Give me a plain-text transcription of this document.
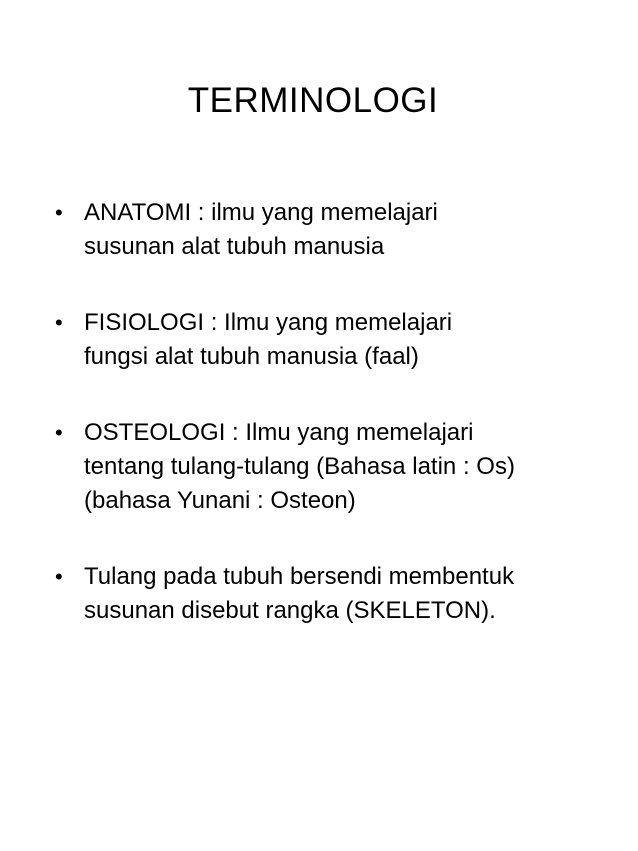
TERMINOLOGI
• ANATOMI : ilmu yang memelajari
susunan alat tubuh manusia
• FISIOLOGI : Ilmu yang memelajari
fungsi alat tubuh manusia (faal)
• OSTEOLOGI : Ilmu yang memelajari
tentang tulang-tulang (Bahasa latin : Os)
(bahasa Yunani : Osteon)
• Tulang pada tubuh bersendi membentuk
susunan disebut rangka (SKELETON).
